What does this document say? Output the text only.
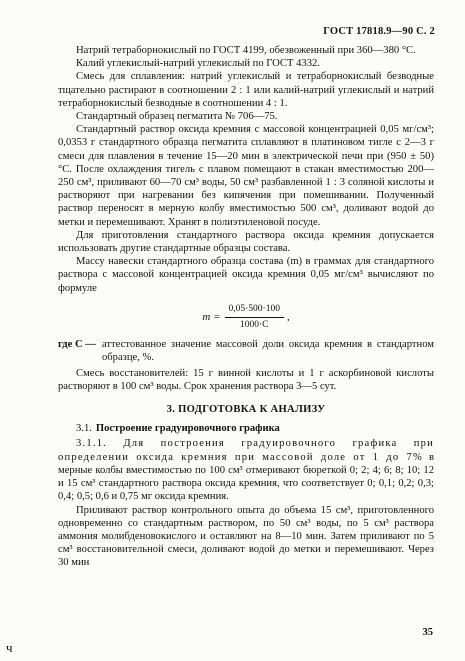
ГОСТ 17818.9—90 С. 2

Натрий тетраборнокислый по ГОСТ 4199, обезвоженный при 360—380 °С.

Калий углекислый-натрий углекислый по ГОСТ 4332.

Смесь для сплавления: натрий углекислый и тетраборнокислый безводные тщательно растирают в соотношении 2 : 1 или калий-натрий углекислый и натрий тетраборнокислый безводные в соотношении 4 : 1.

Стандартный образец пегматита № 706—75.

Стандартный раствор оксида кремния с массовой концентрацией 0,05 мг/см³; 0,0353 г стандартного образца пегматита сплавляют в платиновом тигле с 2—3 г смеси для плавления в течение 15—20 мин в электрической печи при (950 ± 50) °С. После охлаждения тигель с плавом помещают в стакан вместимостью 200—250 см³, приливают 60—70 см³ воды, 50 см³ разбавленной 1 : 3 соляной кислоты и растворяют при нагревании без кипячения при помешивании. Полученный раствор переносят в мерную колбу вместимостью 500 см³, доливают водой до метки и перемешивают. Хранят в полиэтиленовой посуде.

Для приготовления стандартного раствора оксида кремния допускается использовать другие стандартные образцы состава.

Массу навески стандартного образца состава (m) в граммах для стандартного раствора с массовой концентрацией оксида кремния 0,05 мг/см³ вычисляют по формуле

$m = \frac{0,05\cdot 500\cdot 100}{1000\cdot C}$ ,
где C — аттестованное значение массовой доли оксида кремния в стандартном образце, %.

Смесь восстановителей: 15 г винной кислоты и 1 г аскорбиновой кислоты растворяют в 100 см³ воды. Срок хранения раствора 3—5 сут.

3. ПОДГОТОВКА К АНАЛИЗУ
3.1. Построение градуировочного графика

3.1.1. Для построения градуировочного графика при определении оксида кремния при массовой доле от 1 до 7% в мерные колбы вместимостью по 100 см³ отмеривают бюреткой 0; 2; 4; 6; 8; 10; 12 и 15 см³ стандартного раствора оксида кремния, что соответствует 0; 0,1; 0,2; 0,3; 0,4; 0,5; 0,6 и 0,75 мг оксида кремния.

Приливают раствор контрольного опыта до объема 15 см³, приготовленного одновременно со стандартным раствором, по 50 см³ воды, по 5 см³ раствора аммония молибденовокислого и оставляют на 8—10 мин. Затем приливают по 5 см³ восстановительной смеси, доливают водой до метки и перемешивают. Через 30 мин

35
ч
